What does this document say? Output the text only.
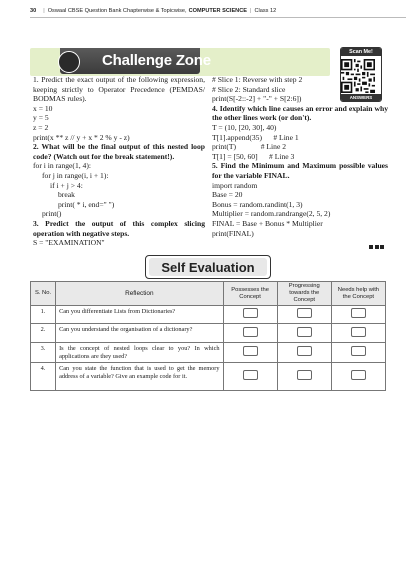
30 | Oswaal CBSE Question Bank Chapterwise & Topicwise, COMPUTER SCIENCE | Class 12
Challenge Zone	Scan Me!
ANSWERS
1. Predict the exact output of the following expression, keeping strictly to Operator Precedence (PEMDAS/ BODMAS rules).
x = 10
y = 5
z = 2
print(x ** z // y + x * 2 % y - z)
2. What will be the final output of this nested loop code? (Watch out for the break statement!).
for i in range(1, 4):
for j in range(i, i + 1):
if i + j > 4:
break
print( * i, end=" ")
print()
3. Predict the output of this complex slicing operation with negative steps.
S = "EXAMINATION"
# Slice 1: Reverse with step 2
# Slice 2: Standard slice
print(S[-2::-2] + "-" + S[2:6])
4. Identify which line causes an error and explain why the other lines work (or don't).
T = (10, [20, 30], 40)
T[1].append(35)      # Line 1
print(T)             # Line 2
T[1] = [50, 60]      # Line 3
5. Find the Minimum and Maximum possible values for the variable FINAL.
import random
Base = 20
Bonus = random.randint(1, 3)
Multiplier = random.randrange(2, 5, 2)
FINAL = Base + Bonus * Multiplier
print(FINAL)
Self Evaluation
S. No.	Reflection	Possesses the Concept	Progressing towards the Concept	Needs help with the Concept
1.	Can you differentiate Lists from Dictionaries?			
2.	Can you understand the organisation of a dictionary?			
3.	Is the concept of nested loops clear to you? In which applications are they used?			
4.	Can you state the function that is used to get the memory address of a variable? Give an example code for it.			
